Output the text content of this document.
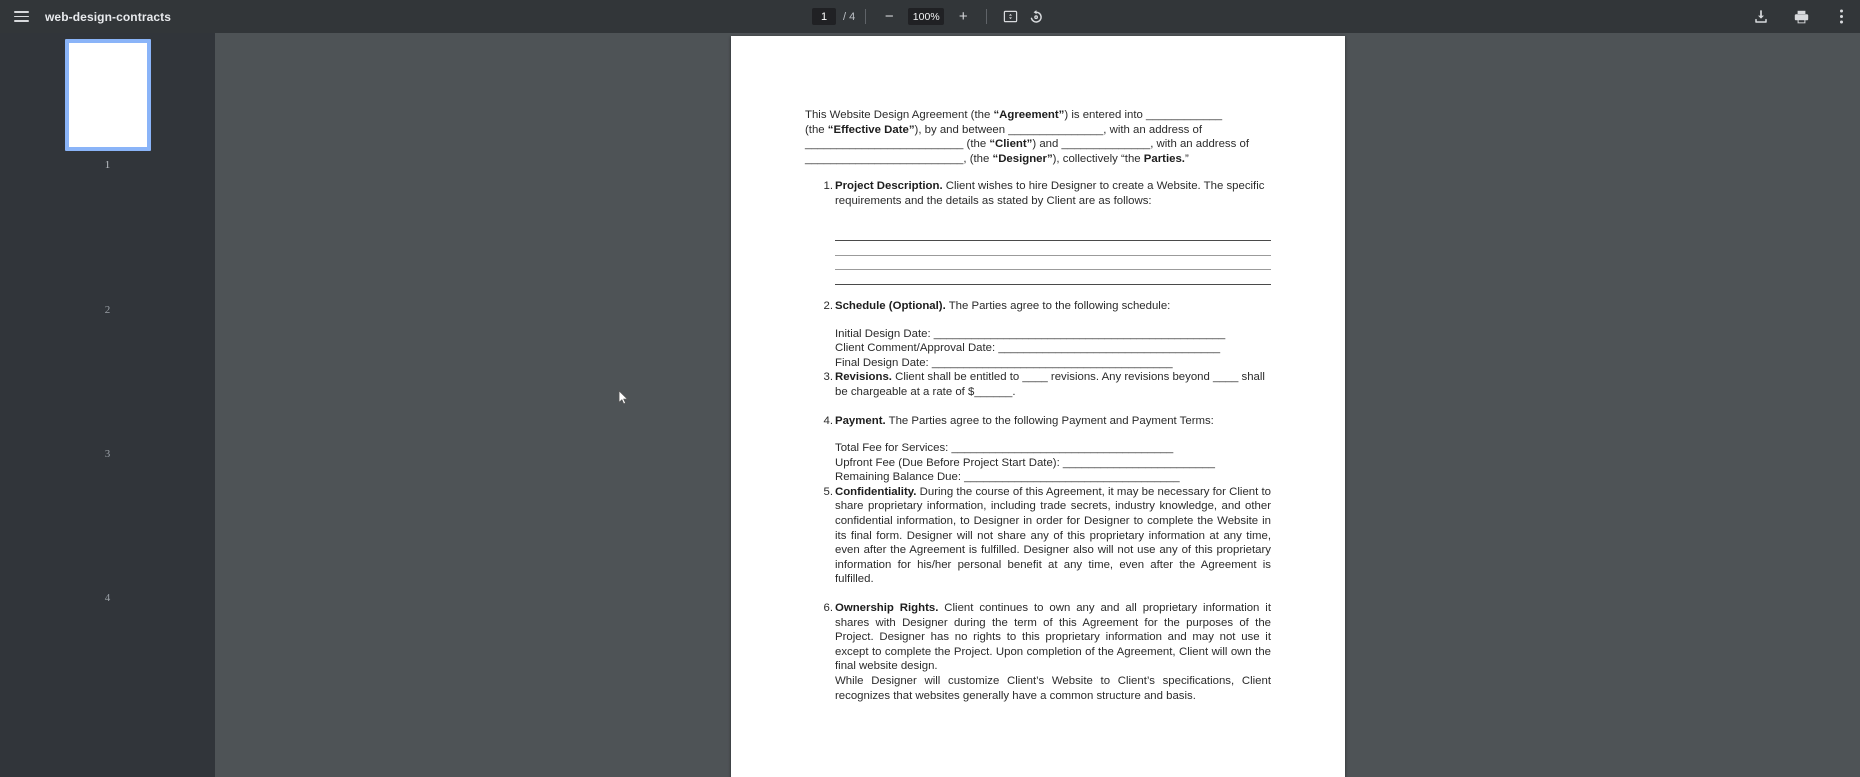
web-design-contracts
1	/ 4 −	100%	+
1
2
3
4

This Website Design Agreement (the “Agreement”) is entered into ____________
(the “Effective Date”), by and between _______________, with an address of
_________________________ (the “Client”) and ______________, with an address of
_________________________, (the “Designer”), collectively “the Parties.”

Project Description. Client wishes to hire Designer to create a Website. The specific requirements and the details as stated by Client are as follows:

Schedule (Optional). The Parties agree to the following schedule:

Initial Design Date: ______________________________________________
Client Comment/Approval Date: ___________________________________
Final Design Date: ______________________________________

Revisions. Client shall be entitled to ____ revisions. Any revisions beyond ____ shall be chargeable at a rate of $______.

Payment. The Parties agree to the following Payment and Payment Terms:

Total Fee for Services: ___________________________________
Upfront Fee (Due Before Project Start Date): ________________________
Remaining Balance Due: __________________________________

Confidentiality. During the course of this Agreement, it may be necessary for Client to share proprietary information, including trade secrets, industry knowledge, and other confidential information, to Designer in order for Designer to complete the Website in its final form. Designer will not share any of this proprietary information at any time, even after the Agreement is fulfilled. Designer also will not use any of this proprietary information for his/her personal benefit at any time, even after the Agreement is fulfilled.

Ownership Rights. Client continues to own any and all proprietary information it shares with Designer during the term of this Agreement for the purposes of the Project. Designer has no rights to this proprietary information and may not use it except to complete the Project. Upon completion of the Agreement, Client will own the final website design.

While Designer will customize Client’s Website to Client’s specifications, Client recognizes that websites generally have a common structure and basis.
